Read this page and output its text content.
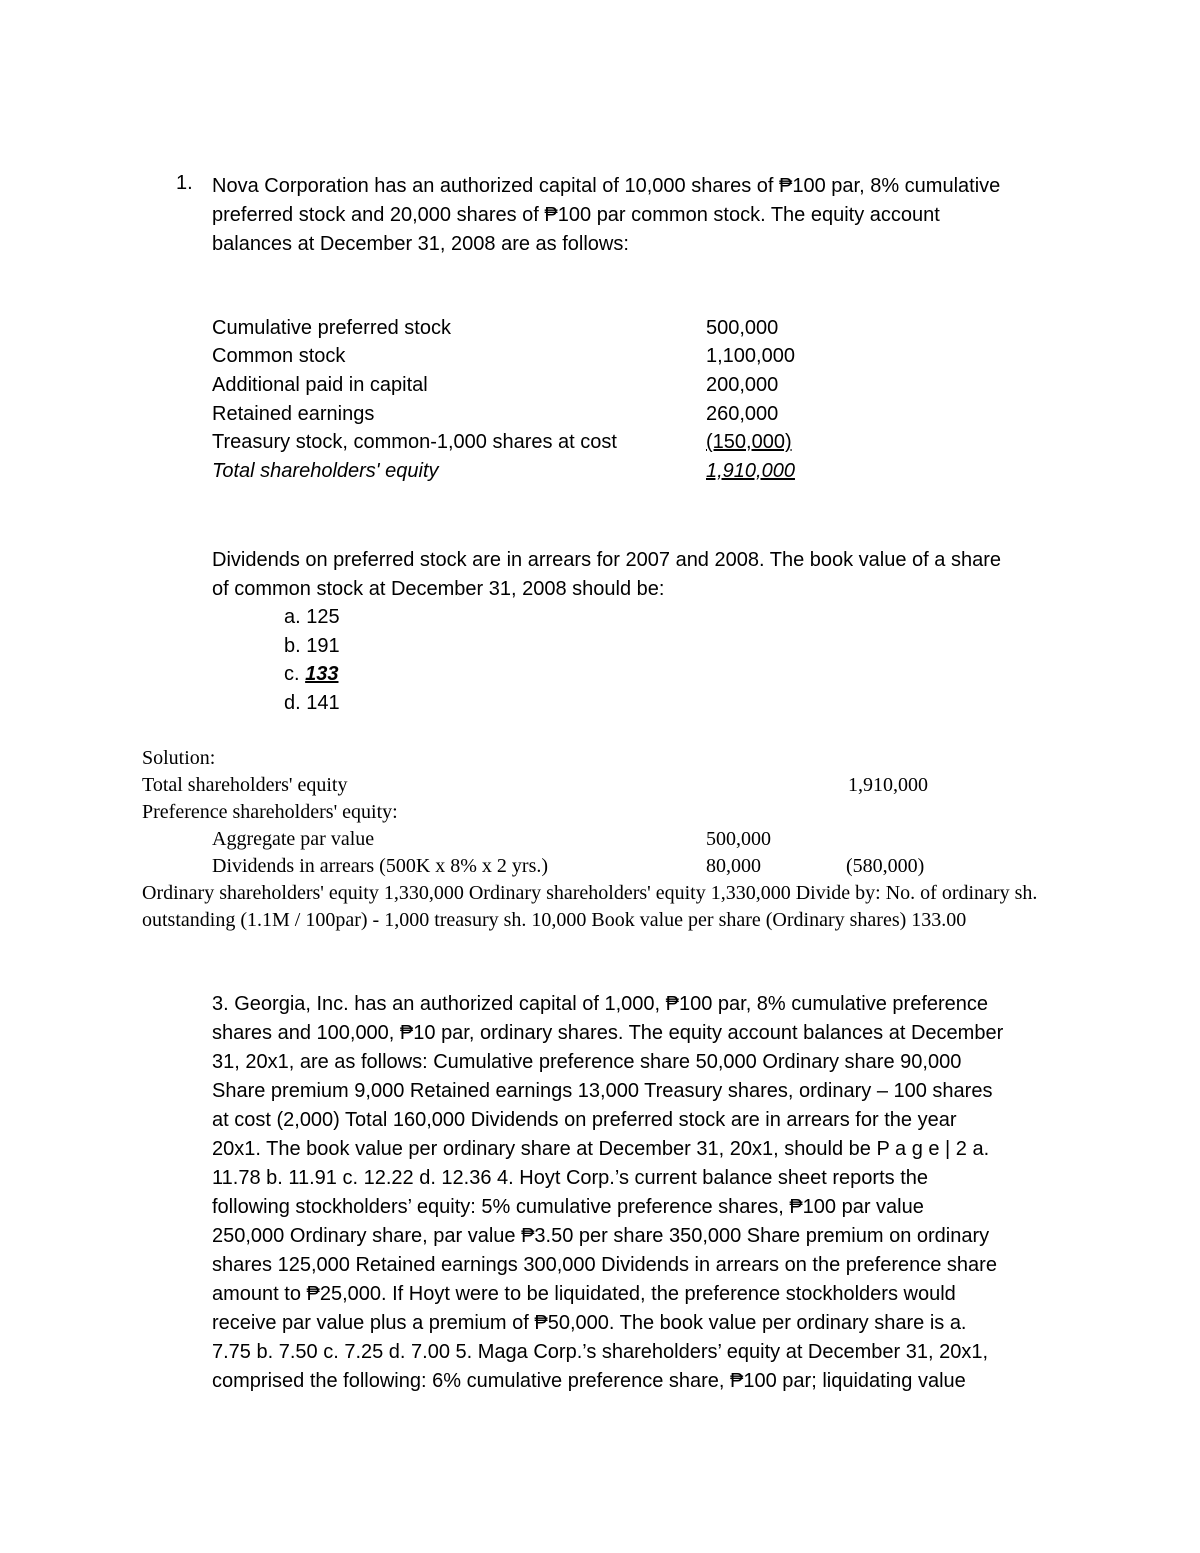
1. Nova Corporation has an authorized capital of 10,000 shares of ₱100 par, 8% cumulative

preferred stock and 20,000 shares of ₱100 par common stock. The equity account

balances at December 31, 2008 are as follows:

Cumulative preferred stock	500,000
Common stock	1,100,000
Additional paid in capital	200,000
Retained earnings	260,000
Treasury stock, common-1,000 shares at cost	(150,000)
Total shareholders' equity	1,910,000

Dividends on preferred stock are in arrears for 2007 and 2008. The book value of a share

of common stock at December 31, 2008 should be:

a. 125
b. 191
c. 133
d. 141
Solution:
Total shareholders' equity	1,910,000
Preference shareholders' equity:
Aggregate par value	500,000
Dividends in arrears (500K x 8% x 2 yrs.)	80,000	(580,000)

Ordinary shareholders' equity 1,330,000 Ordinary shareholders' equity 1,330,000 Divide by: No. of ordinary sh. outstanding (1.1M / 100par) - 1,000 treasury sh. 10,000 Book value per share (Ordinary shares) 133.00

3. Georgia, Inc. has an authorized capital of 1,000, ₱100 par, 8% cumulative preference

shares and 100,000, ₱10 par, ordinary shares. The equity account balances at December

31, 20x1, are as follows: Cumulative preference share 50,000 Ordinary share 90,000

Share premium 9,000 Retained earnings 13,000 Treasury shares, ordinary – 100 shares

at cost (2,000) Total 160,000 Dividends on preferred stock are in arrears for the year

20x1. The book value per ordinary share at December 31, 20x1, should be P a g e | 2 a.

11.78 b. 11.91 c. 12.22 d. 12.36 4. Hoyt Corp.’s current balance sheet reports the

following stockholders’ equity: 5% cumulative preference shares, ₱100 par value

250,000 Ordinary share, par value ₱3.50 per share 350,000 Share premium on ordinary

shares 125,000 Retained earnings 300,000 Dividends in arrears on the preference share

amount to ₱25,000. If Hoyt were to be liquidated, the preference stockholders would

receive par value plus a premium of ₱50,000. The book value per ordinary share is a.

7.75 b. 7.50 c. 7.25 d. 7.00 5. Maga Corp.’s shareholders’ equity at December 31, 20x1,

comprised the following: 6% cumulative preference share, ₱100 par; liquidating value
